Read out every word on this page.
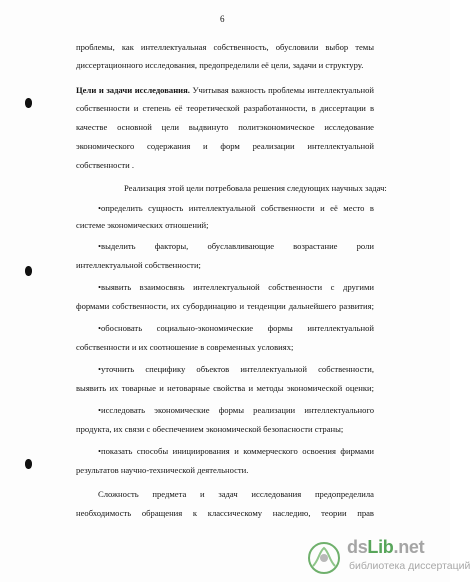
6
проблемы, как интеллектуальная собственность, обусловили выбор темы
диссертационного исследования, предопределили её цели, задачи и структуру.
Цели и задачи исследования. Учитывая важность проблемы интеллектуальной
собственности и степень её теоретической разработанности, в диссертации в
качестве основной цели выдвинуто политэкономическое исследование
экономического содержания и форм реализации интеллектуальной
собственности .
Реализация этой цели потребовала решения следующих научных задач:
•определить сущность интеллектуальной собственности и её место в
системе экономических отношений;
•выделить факторы, обуславливающие возрастание роли
интеллектуальной собственности;
•выявить взаимосвязь интеллектуальной собственности с другими
формами собственности, их субординацию и тенденции дальнейшего развития;
•обосновать социально-экономические формы интеллектуальной
собственности и их соотношение в современных условиях;
•уточнить специфику объектов интеллектуальной собственности,
выявить их товарные и нетоварные свойства и методы экономической оценки;
•исследовать экономические формы реализации интеллектуального
продукта, их связи с обеспечением экономической безопасности страны;
•показать способы инициирования и коммерческого освоения фирмами
результатов научно-технической деятельности.
Сложность предмета и задач исследования предопределила
необходимость обращения к классическому наследию, теории прав
dsLib.net
библиотека диссертаций
